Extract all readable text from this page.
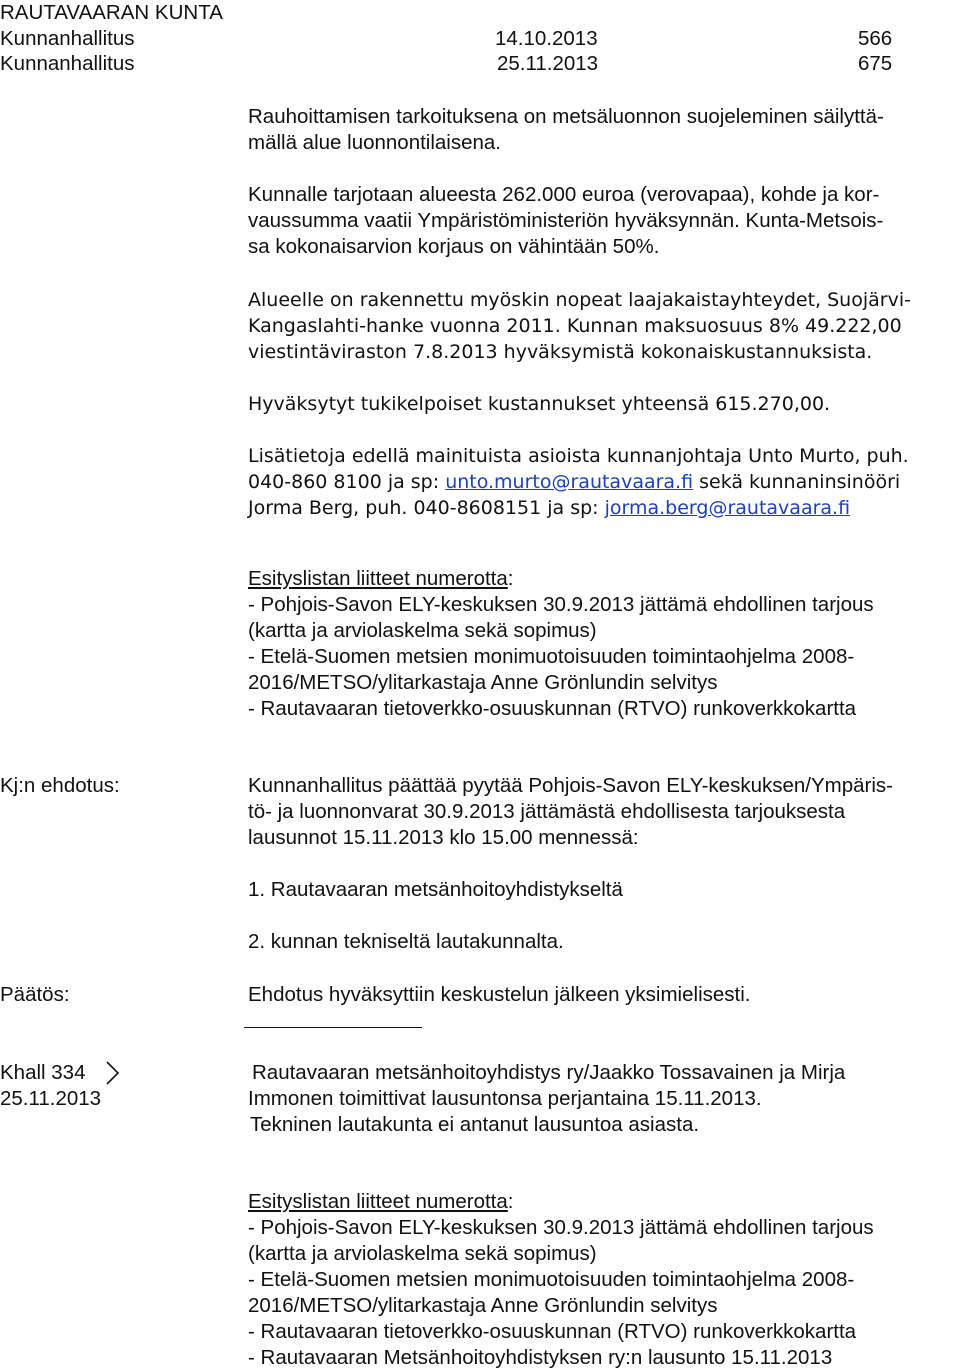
RAUTAVAARAN KUNTA
Kunnanhallitus	14.10.2013	566
Kunnanhallitus	25.11.2013	675
Rauhoittamisen tarkoituksena on metsäluonnon suojeleminen säilyttä-
mällä alue luonnontilaisena.
Kunnalle tarjotaan alueesta 262.000 euroa (verovapaa), kohde ja kor-
vaussumma vaatii Ympäristöministeriön hyväksynnän. Kunta-Metsois-
sa kokonaisarvion korjaus on vähintään 50%.
Alueelle on rakennettu myöskin nopeat laajakaistayhteydet, Suojärvi-
Kangaslahti-hanke vuonna 2011. Kunnan maksuosuus 8% 49.222,00
viestintäviraston 7.8.2013 hyväksymistä kokonaiskustannuksista.
Hyväksytyt tukikelpoiset kustannukset yhteensä 615.270,00.
Lisätietoja edellä mainituista asioista kunnanjohtaja Unto Murto, puh.
040-860 8100 ja sp: unto.murto@rautavaara.fi sekä kunnaninsinööri
Jorma Berg, puh. 040-8608151 ja sp: jorma.berg@rautavaara.fi
Esityslistan liitteet numerotta:
- Pohjois-Savon ELY-keskuksen 30.9.2013 jättämä ehdollinen tarjous
(kartta ja arviolaskelma sekä sopimus)
- Etelä-Suomen metsien monimuotoisuuden toimintaohjelma 2008-
2016/METSO/ylitarkastaja Anne Grönlundin selvitys
- Rautavaaran tietoverkko-osuuskunnan (RTVO) runkoverkkokartta
Kj:n ehdotus:	Kunnanhallitus päättää pyytää Pohjois-Savon ELY-keskuksen/Ympäris-
tö- ja luonnonvarat 30.9.2013 jättämästä ehdollisesta tarjouksesta
lausunnot 15.11.2013 klo 15.00 mennessä:
1. Rautavaaran metsänhoitoyhdistykseltä
2. kunnan tekniseltä lautakunnalta.
Päätös:	Ehdotus hyväksyttiin keskustelun jälkeen yksimielisesti.
Khall 334
25.11.2013
Rautavaaran metsänhoitoyhdistys ry/Jaakko Tossavainen ja Mirja
Immonen toimittivat lausuntonsa perjantaina 15.11.2013.
Tekninen lautakunta ei antanut lausuntoa asiasta.
Esityslistan liitteet numerotta:
- Pohjois-Savon ELY-keskuksen 30.9.2013 jättämä ehdollinen tarjous
(kartta ja arviolaskelma sekä sopimus)
- Etelä-Suomen metsien monimuotoisuuden toimintaohjelma 2008-
2016/METSO/ylitarkastaja Anne Grönlundin selvitys
- Rautavaaran tietoverkko-osuuskunnan (RTVO) runkoverkkokartta
- Rautavaaran Metsänhoitoyhdistyksen ry:n lausunto 15.11.2013
